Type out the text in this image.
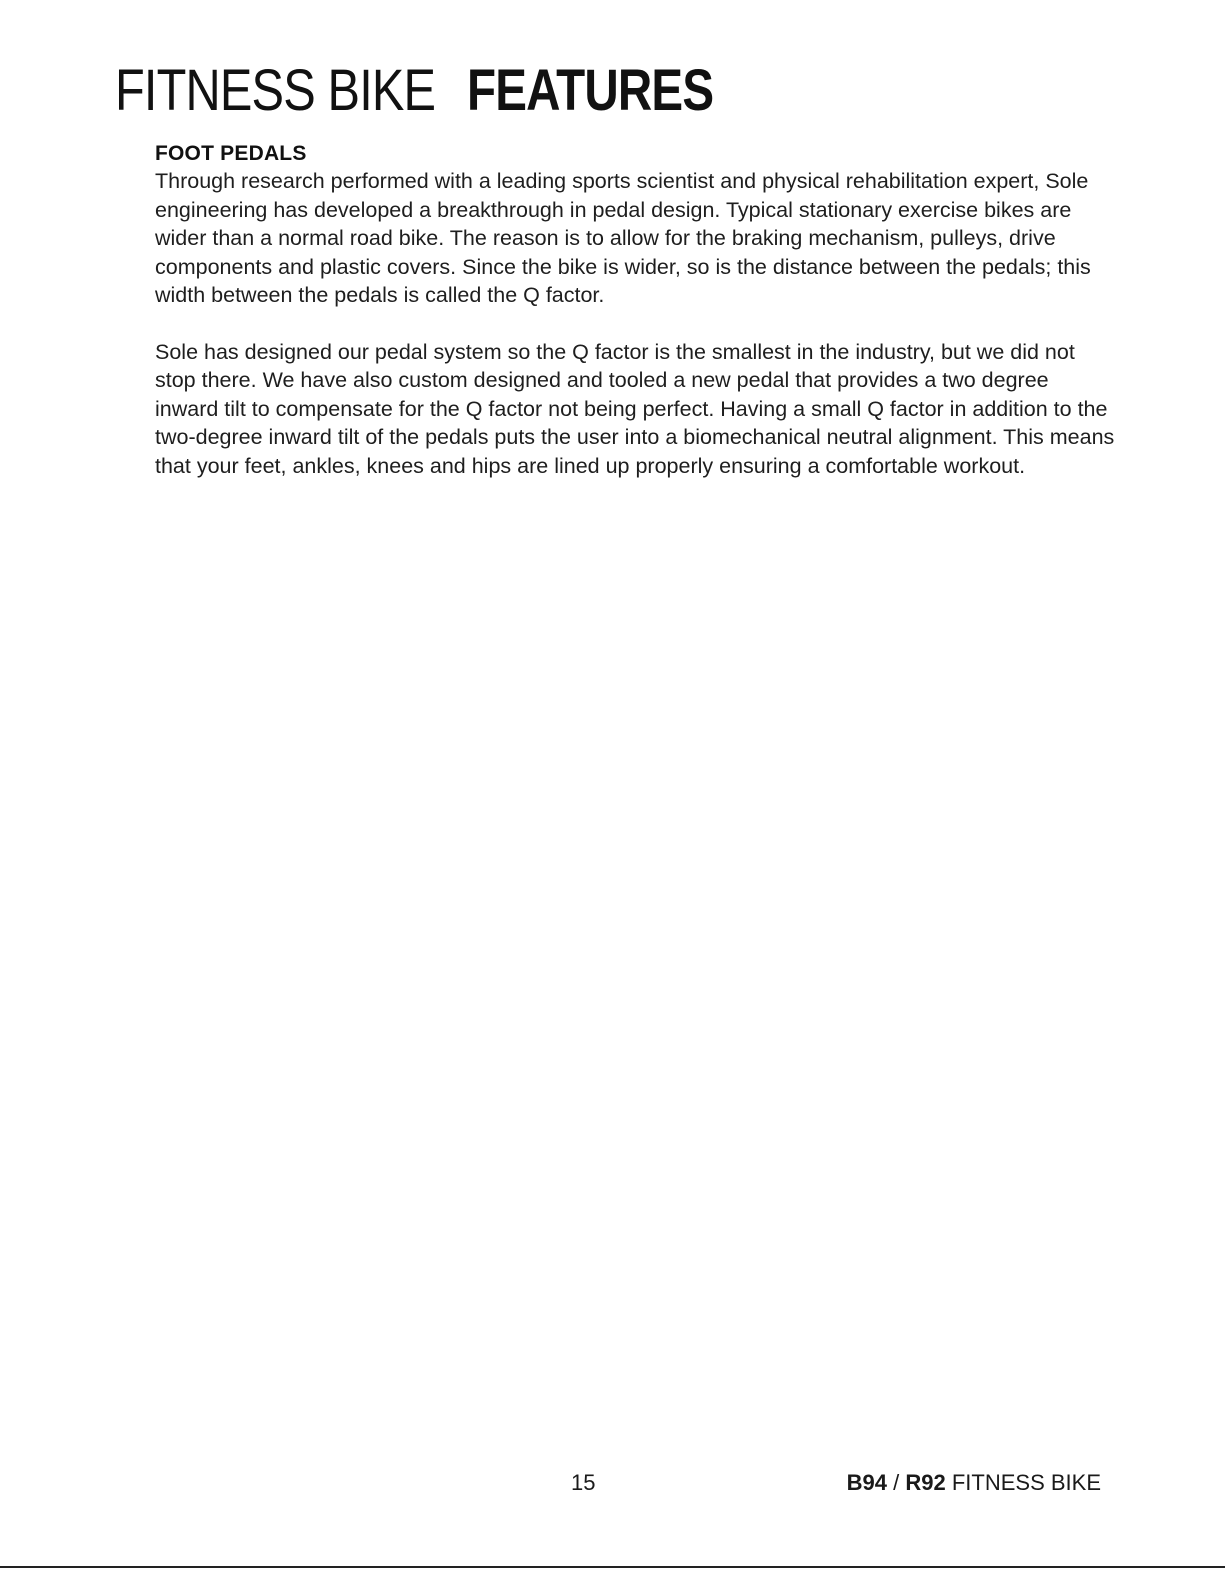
FITNESS BIKE FEATURES
FOOT PEDALS

Through research performed with a leading sports scientist and physical rehabilitation expert, Sole engineering has developed a breakthrough in pedal design. Typical stationary exercise bikes are wider than a normal road bike. The reason is to allow for the braking mechanism, pulleys, drive components and plastic covers. Since the bike is wider, so is the distance between the pedals; this width between the pedals is called the Q factor.

Sole has designed our pedal system so the Q factor is the smallest in the industry, but we did not stop there. We have also custom designed and tooled a new pedal that provides a two degree inward tilt to compensate for the Q factor not being perfect. Having a small Q factor in addition to the two-degree inward tilt of the pedals puts the user into a biomechanical neutral alignment. This means that your feet, ankles, knees and hips are lined up properly ensuring a comfortable workout.

15	B94 / R92 FITNESS BIKE
